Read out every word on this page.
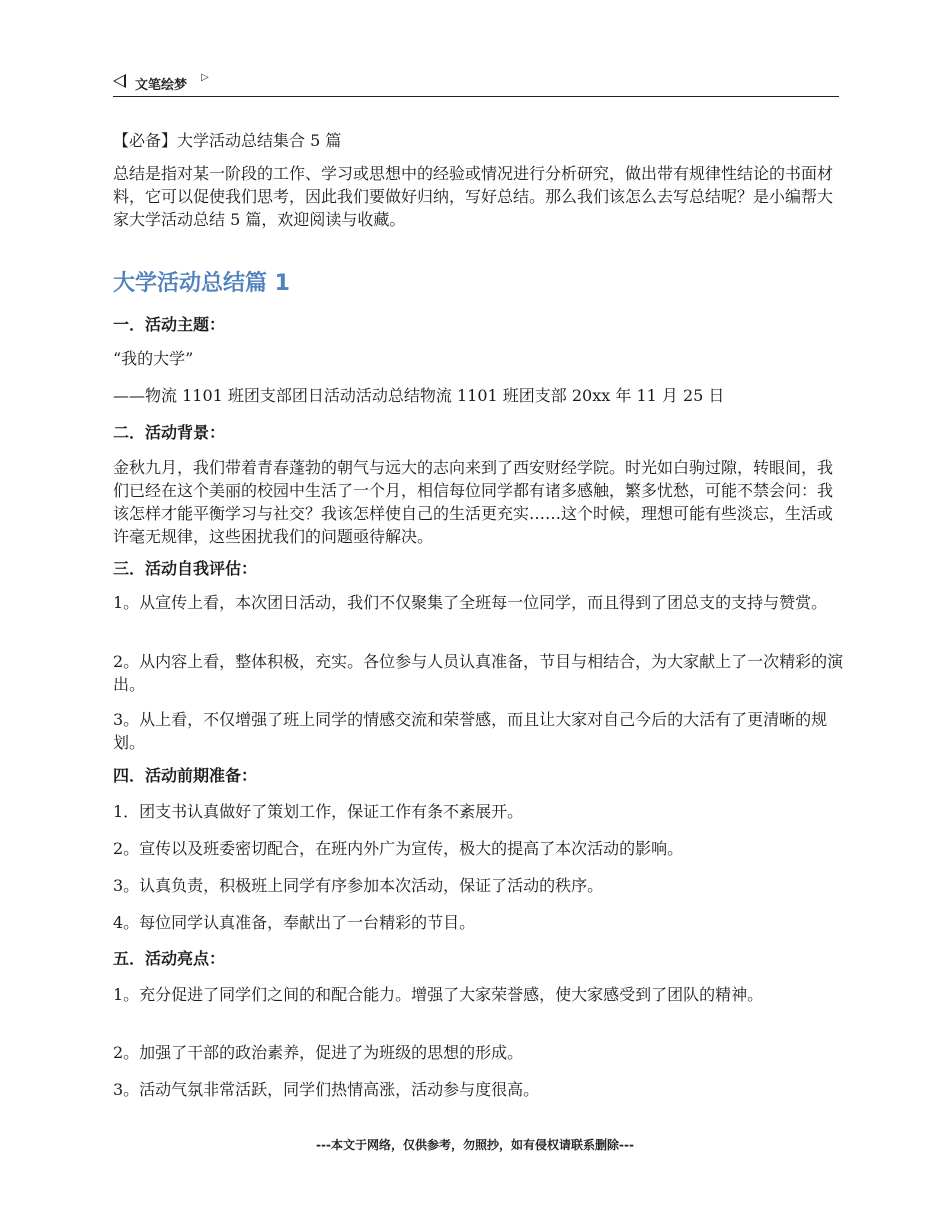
文笔绘梦
▷
【必备】大学活动总结集合 5 篇

总结是指对某一阶段的工作、学习或思想中的经验或情况进行分析研究，做出带有规律性结论的书面材料，它可以促使我们思考，因此我们要做好归纳，写好总结。那么我们该怎么去写总结呢？是小编帮大家大学活动总结 5 篇，欢迎阅读与收藏。

大学活动总结篇 1

一．活动主题：

“我的大学”

——物流 1101 班团支部团日活动活动总结物流 1101 班团支部 20xx 年 11 月 25 日

二．活动背景：

金秋九月，我们带着青春蓬勃的朝气与远大的志向来到了西安财经学院。时光如白驹过隙，转眼间，我们已经在这个美丽的校园中生活了一个月，相信每位同学都有诸多感触，繁多忧愁，可能不禁会问：我该怎样才能平衡学习与社交？我该怎样使自己的生活更充实……这个时候，理想可能有些淡忘，生活或许毫无规律，这些困扰我们的问题亟待解决。

三．活动自我评估：

1。从宣传上看，本次团日活动，我们不仅聚集了全班每一位同学，而且得到了团总支的支持与赞赏。

2。从内容上看，整体积极，充实。各位参与人员认真准备，节目与相结合，为大家献上了一次精彩的演出。

3。从上看，不仅增强了班上同学的情感交流和荣誉感，而且让大家对自己今后的大活有了更清晰的规划。

四．活动前期准备：

1．团支书认真做好了策划工作，保证工作有条不紊展开。

2。宣传以及班委密切配合，在班内外广为宣传，极大的提高了本次活动的影响。

3。认真负责，积极班上同学有序参加本次活动，保证了活动的秩序。

4。每位同学认真准备，奉献出了一台精彩的节目。

五．活动亮点：

1。充分促进了同学们之间的和配合能力。增强了大家荣誉感，使大家感受到了团队的精神。

2。加强了干部的政治素养，促进了为班级的思想的形成。

3。活动气氛非常活跃，同学们热情高涨，活动参与度很高。

---本文于网络，仅供参考，勿照抄，如有侵权请联系删除---
